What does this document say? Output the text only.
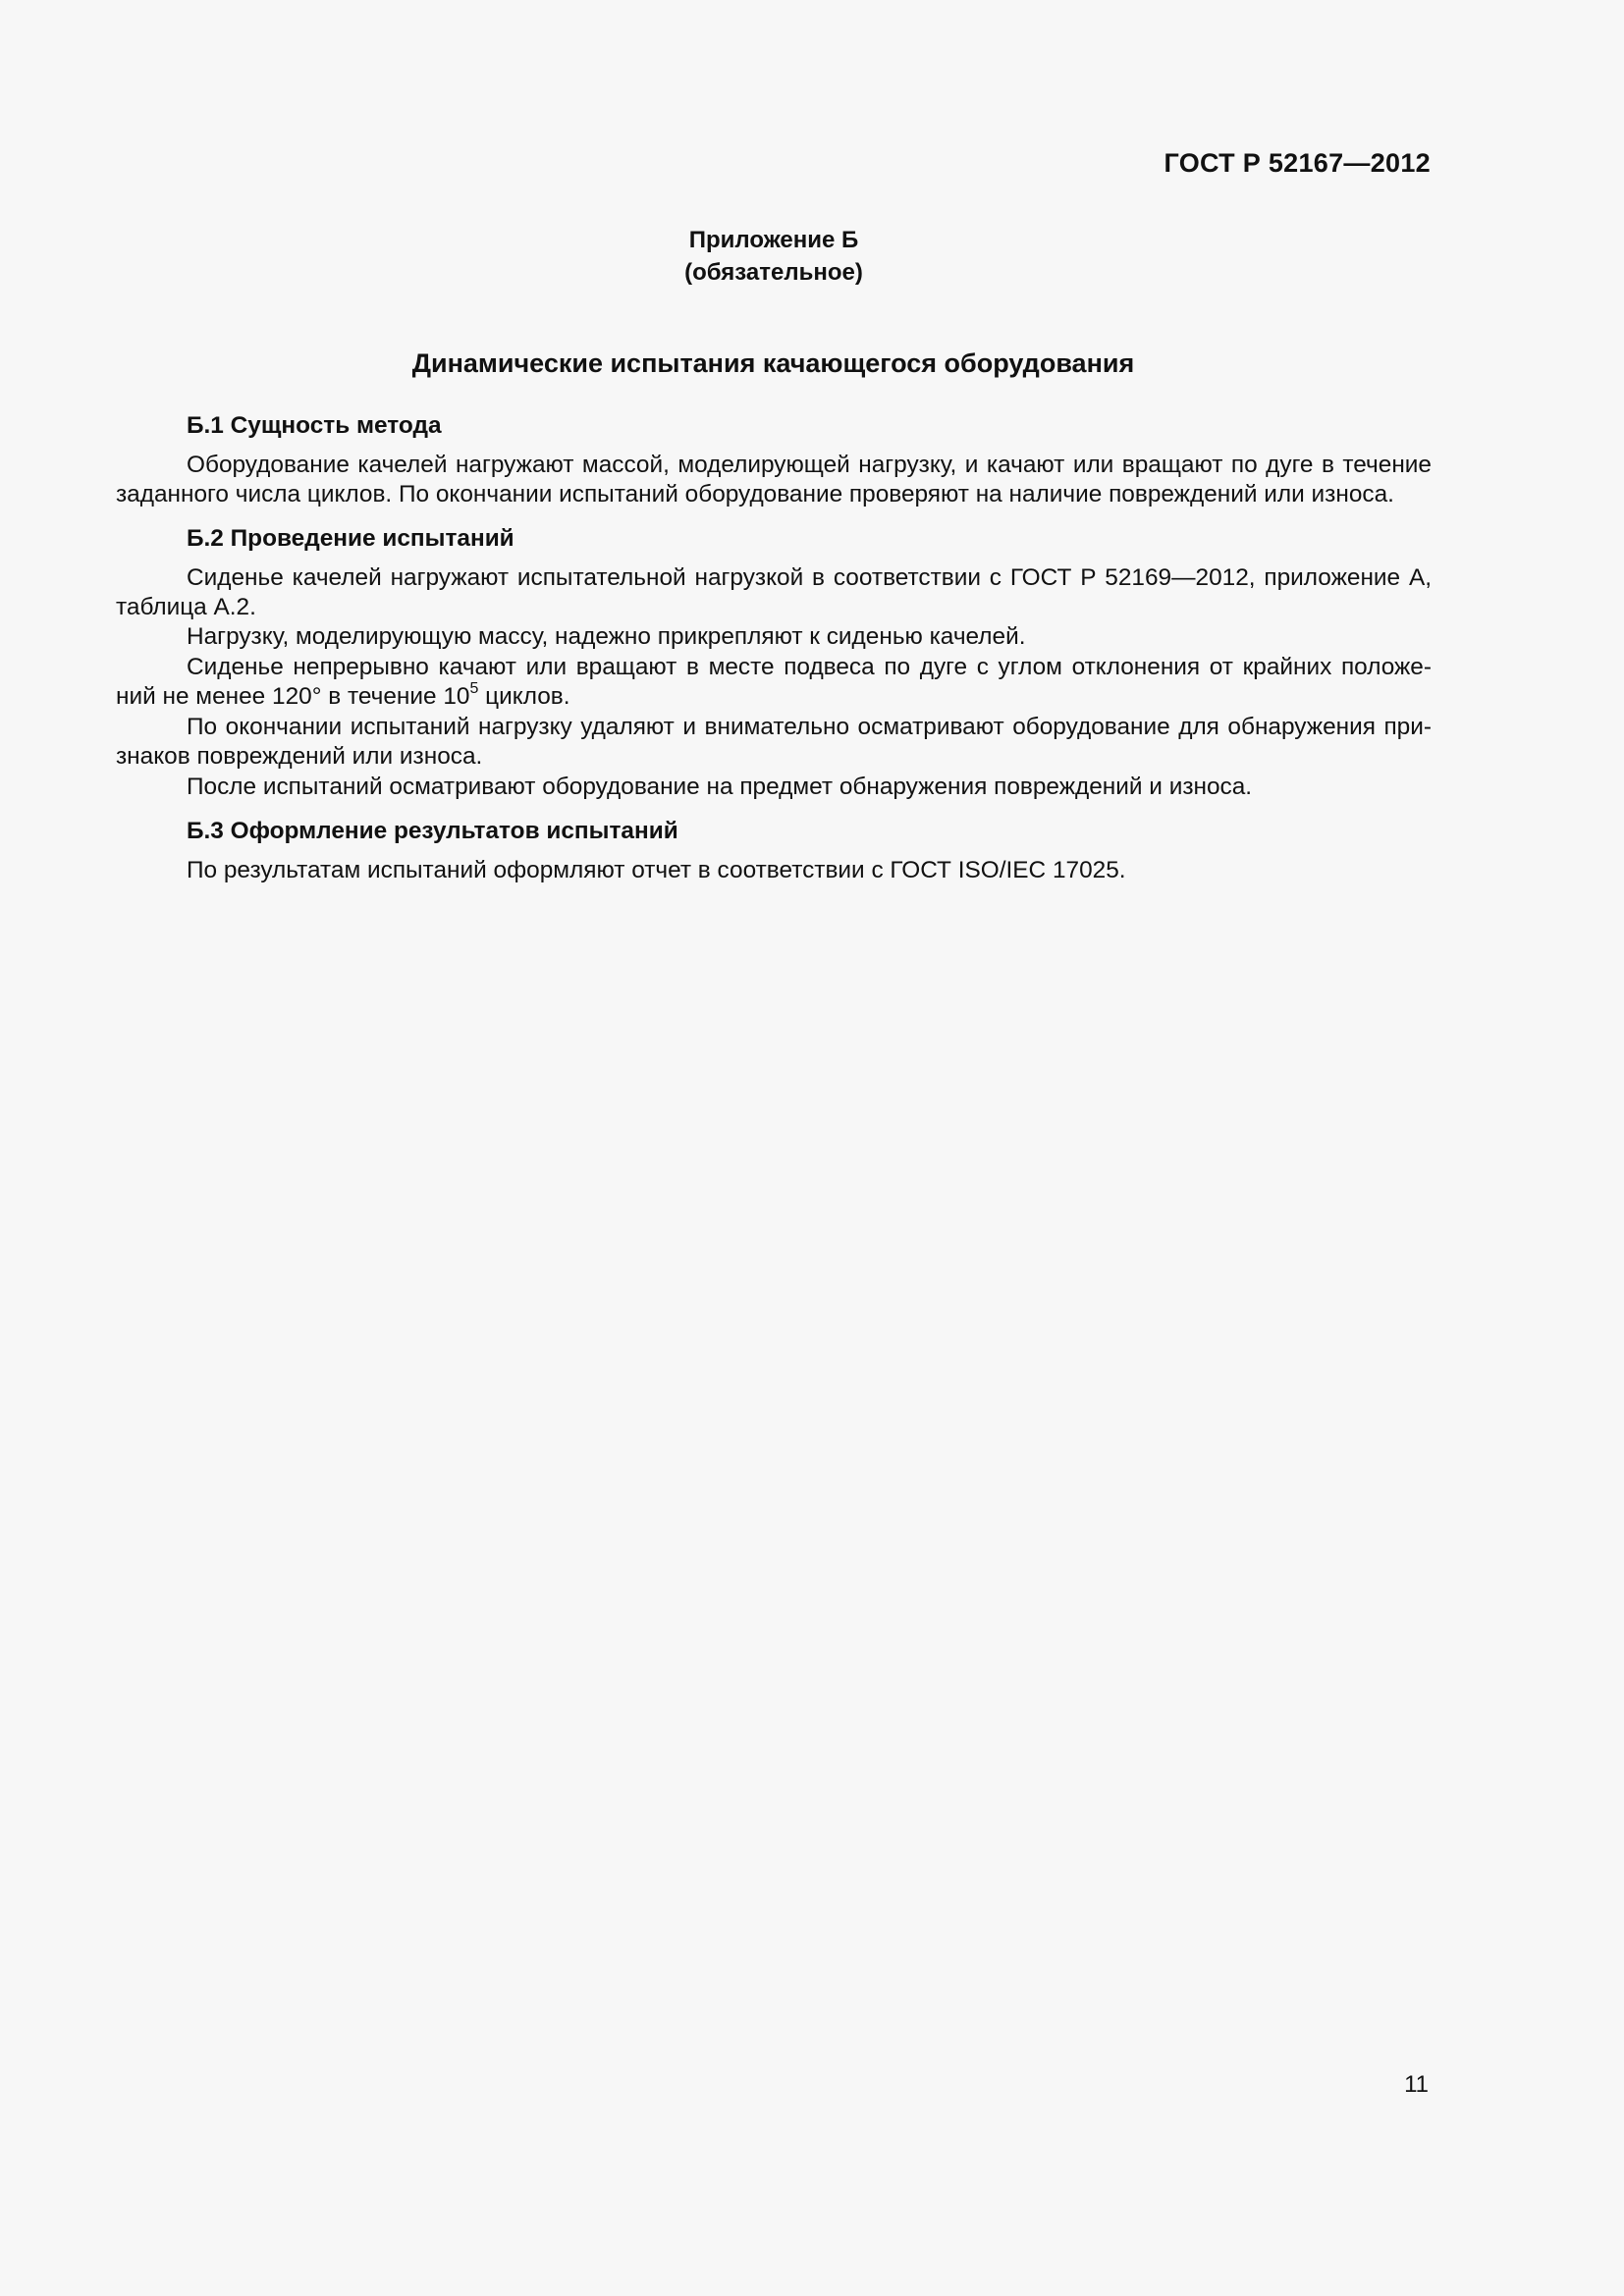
ГОСТ Р 52167—2012
Приложение Б
(обязательное)
Динамические испытания качающегося оборудования
Б.1 Сущность метода
Оборудование качелей нагружают массой, моделирующей нагрузку, и качают или вращают по дуге в течение
заданного числа циклов. По окончании испытаний оборудование проверяют на наличие повреждений или износа.
Б.2 Проведение испытаний
Сиденье качелей нагружают испытательной нагрузкой в соответствии с ГОСТ Р 52169—2012, приложение А,
таблица А.2.
Нагрузку, моделирующую массу, надежно прикрепляют к сиденью качелей.
Сиденье непрерывно качают или вращают в месте подвеса по дуге с углом отклонения от крайних положе-
ний не менее 120° в течение $10^5$ циклов.
По окончании испытаний нагрузку удаляют и внимательно осматривают оборудование для обнаружения при-
знаков повреждений или износа.
После испытаний осматривают оборудование на предмет обнаружения повреждений и износа.
Б.3 Оформление результатов испытаний
По результатам испытаний оформляют отчет в соответствии с ГОСТ ISO/IEC 17025.
11
